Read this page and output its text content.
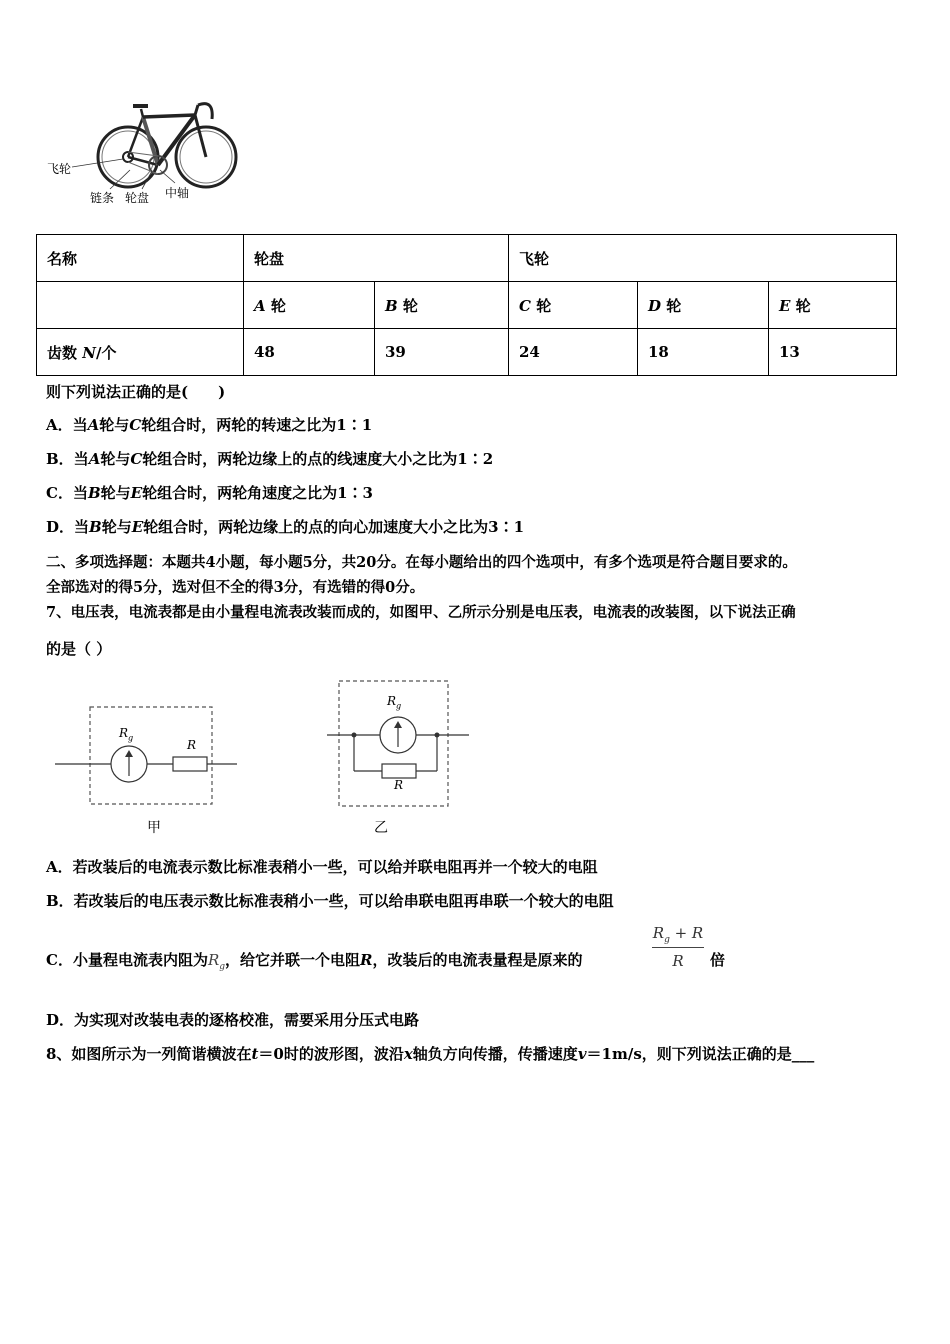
飞轮
链条 轮盘 中轴
名称	轮盘		飞轮		
	A 轮	B 轮	C 轮	D 轮	E 轮
齿数 N/个	48	39	24	18	13
则下列说法正确的是(　　)
A．当A轮与C轮组合时，两轮的转速之比为1∶1
B．当A轮与C轮组合时，两轮边缘上的点的线速度大小之比为1∶2
C．当B轮与E轮组合时，两轮角速度之比为1∶3
D．当B轮与E轮组合时，两轮边缘上的点的向心加速度大小之比为3∶1
二、多项选择题：本题共4小题，每小题5分，共20分。在每小题给出的四个选项中，有多个选项是符合题目要求的。
全部选对的得5分，选对但不全的得3分，有选错的得0分。
7、电压表，电流表都是由小量程电流表改装而成的，如图甲、乙所示分别是电压表，电流表的改装图，以下说法正确
的是（ ）
$R_g$
R
甲
$R_g$
R
乙
A．若改装后的电流表示数比标准表稍小一些，可以给并联电阻再并一个较大的电阻
B．若改装后的电压表示数比标准表稍小一些，可以给串联电阻再串联一个较大的电阻
C．小量程电流表内阻为$R_g$，给它并联一个电阻R，改装后的电流表量程是原来的
$R_g + R$
R	倍
D．为实现对改装电表的逐格校准，需要采用分压式电路
8、如图所示为一列简谐横波在t＝0时的波形图，波沿x轴负方向传播，传播速度v＝1m/s，则下列说法正确的是___
